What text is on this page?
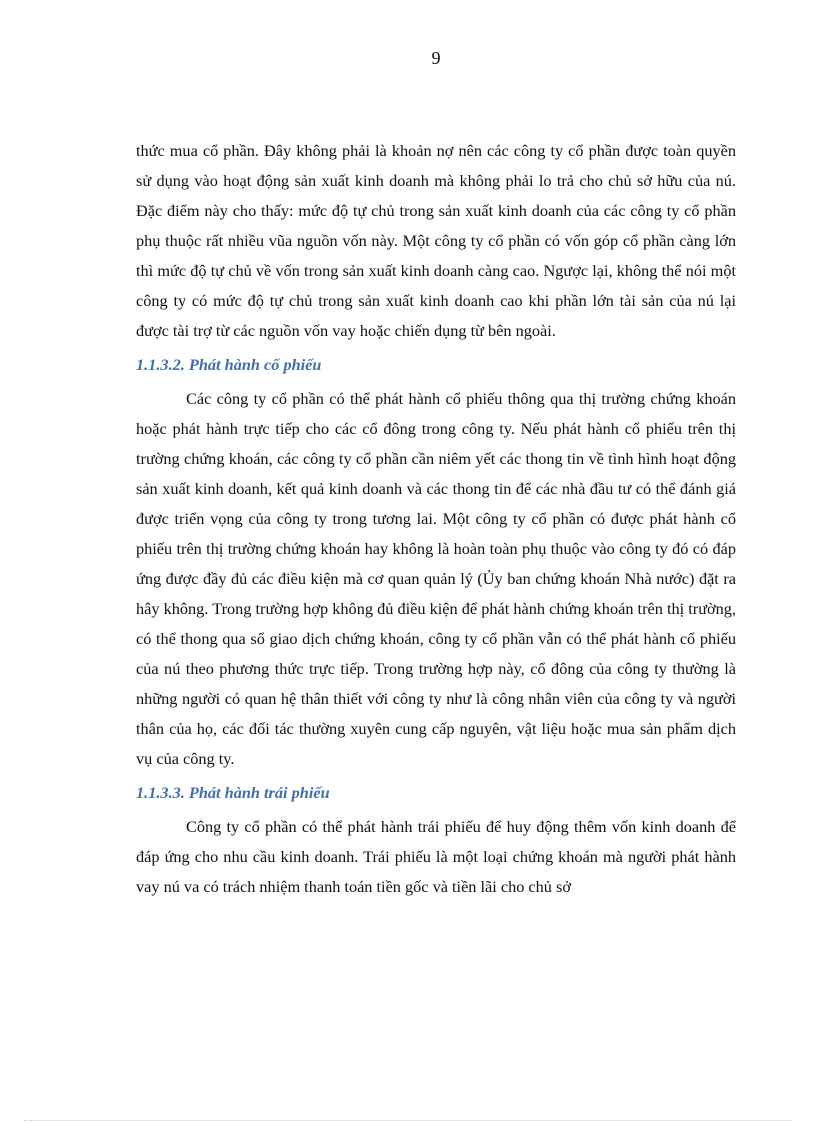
9

thức mua cổ phần. Đây không phải là khoản nợ nên các công ty cổ phần được toàn quyền sử dụng vào hoạt động sản xuất kinh doanh mà không phải lo trả cho chủ sở hữu của nú. Đặc điểm này cho thấy: mức độ tự chủ trong sản xuất kinh doanh của các công ty cổ phần phụ thuộc rất nhiều vũa nguồn vốn này. Một công ty cổ phần có vốn góp cổ phần càng lớn thì mức độ tự chủ về vốn trong sản xuất kinh doanh càng cao. Ngược lại, không thể nói một công ty có mức độ tự chủ trong sản xuất kinh doanh cao khi phần lớn tài sản của nú lại được tài trợ từ các nguồn vốn vay hoặc chiến dụng từ bên ngoài.

1.1.3.2. Phát hành cổ phiếu

Các công ty cổ phần có thể phát hành cổ phiếu thông qua thị trường chứng khoán hoặc phát hành trực tiếp cho các cổ đông trong công ty. Nếu phát hành cổ phiếu trên thị trường chứng khoán, các công ty cổ phần cần niêm yết các thong tin về tình hình hoạt động sản xuất kinh doanh, kết quả kinh doanh và các thong tin để các nhà đầu tư có thể đánh giá được triển vọng của công ty trong tương lai. Một công ty cổ phần có được phát hành cổ phiếu trên thị trường chứng khoán hay không là hoàn toàn phụ thuộc vào công ty đó có đáp ứng được đầy đủ các điều kiện mà cơ quan quản lý (Ủy ban chứng khoán Nhà nước) đặt ra hây không. Trong trường hợp không đủ điều kiện để phát hành chứng khoán trên thị trường, có thể thong qua sổ giao dịch chứng khoán, công ty cổ phần vẫn có thể phát hành cổ phiếu của nú theo phương thức trực tiếp. Trong trường hợp này, cổ đông của công ty thường là những người có quan hệ thân thiết với công ty như là công nhân viên của công ty và người thân của họ, các đối tác thường xuyên cung cấp nguyên, vật liệu hoặc mua sản phẩm dịch vụ của công ty.

1.1.3.3. Phát hành trái phiếu

Công ty cổ phần có thể phát hành trái phiếu để huy động thêm vốn kinh doanh để đáp ứng cho nhu cầu kinh doanh. Trái phiếu là một loại chứng khoán mà người phát hành vay nú va có trách nhiệm thanh toán tiền gốc và tiền lãi cho chủ sở
